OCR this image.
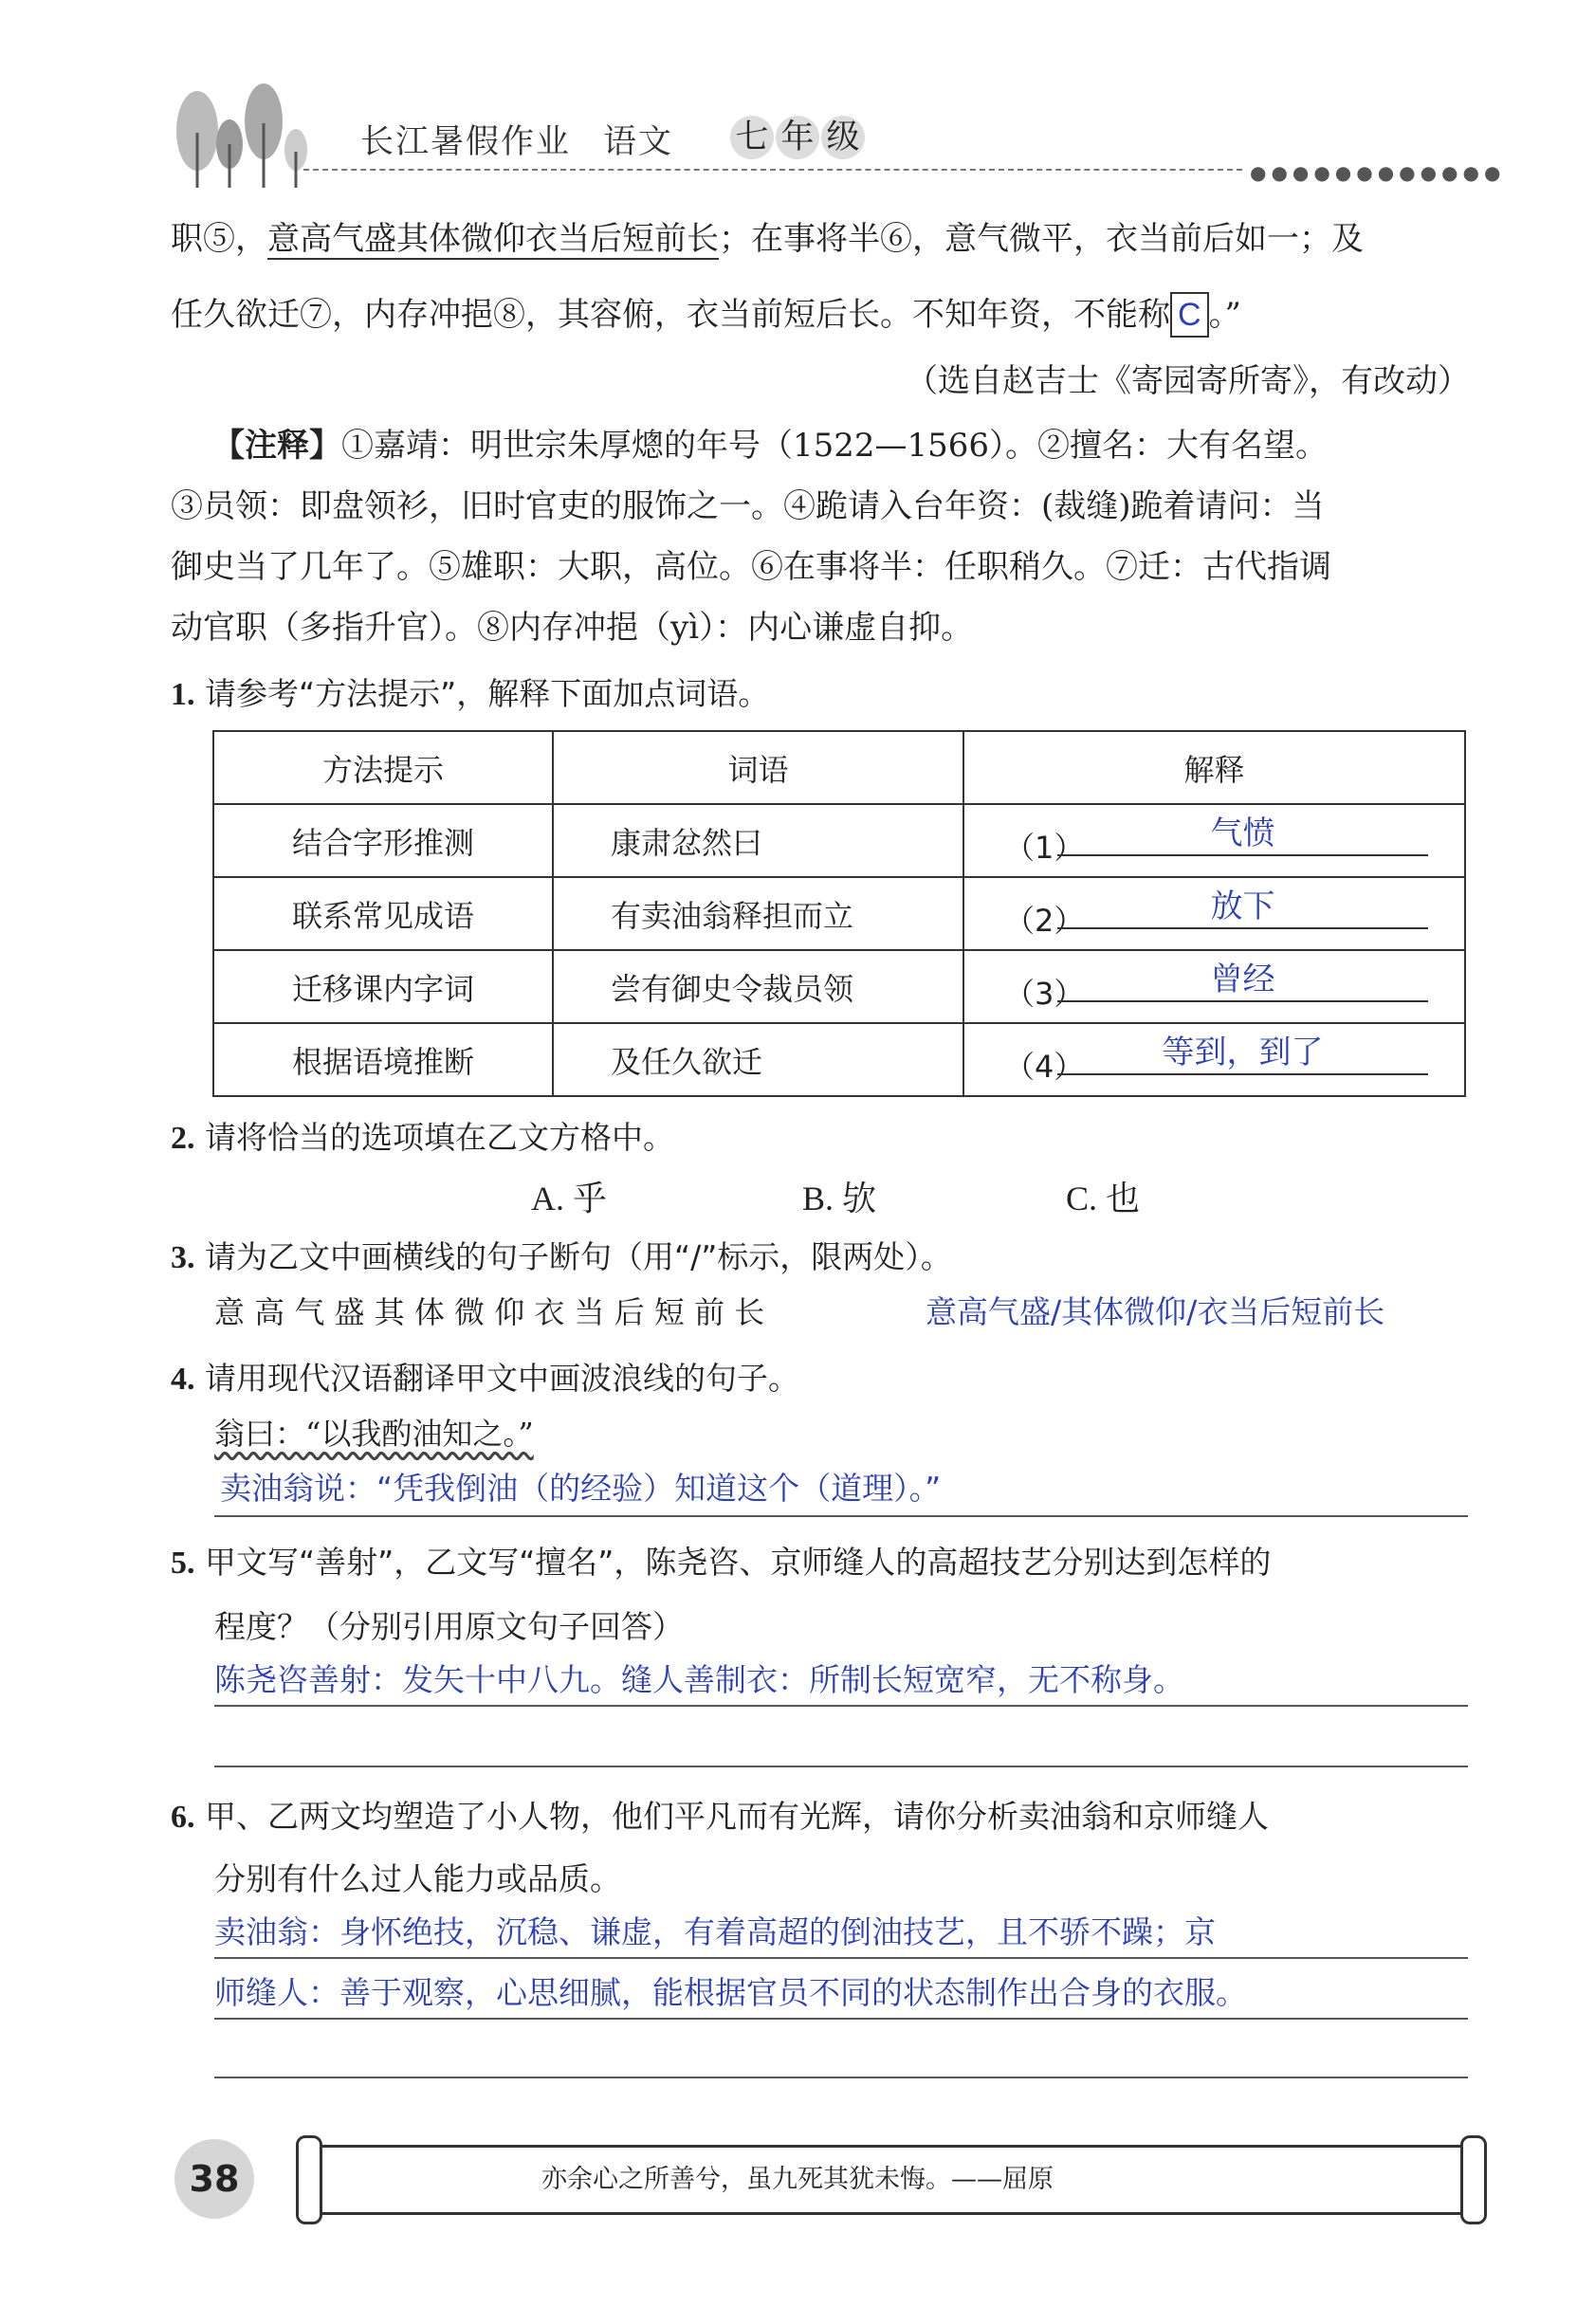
长江暑假作业 语文	七 年 级
●●●●●●●●●●●●
职⑤，意高气盛其体微仰衣当后短前长；在事将半⑥，意气微平，衣当前后如一；及
任久欲迁⑦，内存冲挹⑧，其容俯，衣当前短后长。不知年资，不能称 C 。”
（选自赵吉士《寄园寄所寄》，有改动）
【注释】①嘉靖：明世宗朱厚熜的年号（1522—1566）。②擅名：大有名望。
③员领：即盘领衫，旧时官吏的服饰之一。④跪请入台年资：(裁缝)跪着请问：当
御史当了几年了。⑤雄职：大职，高位。⑥在事将半：任职稍久。⑦迁：古代指调
动官职（多指升官）。⑧内存冲挹（yì）：内心谦虚自抑。
1. 请参考“方法提示”，解释下面加点词语。
方法提示	词语	解释
结合字形推测	康肃忿然曰	（1） 气愤

联系常见成语	有卖油翁释担而立	（2） 放下

迁移课内字词	尝有御史令裁员领	（3） 曾经

根据语境推断	及任久欲迁	（4） 等到，到了
2. 请将恰当的选项填在乙文方格中。
A. 乎	B. 欤	C. 也
3. 请为乙文中画横线的句子断句（用“/”标示，限两处）。
意 高 气 盛 其 体 微 仰 衣 当 后 短 前 长	意高气盛/其体微仰/衣当后短前长
4. 请用现代汉语翻译甲文中画波浪线的句子。
翁曰：“以我酌油知之。”
卖油翁说：“凭我倒油（的经验）知道这个（道理）。”
5. 甲文写“善射”，乙文写“擅名”，陈尧咨、京师缝人的高超技艺分别达到怎样的
程度？（分别引用原文句子回答）
陈尧咨善射：发矢十中八九。缝人善制衣：所制长短宽窄，无不称身。
6. 甲、乙两文均塑造了小人物，他们平凡而有光辉，请你分析卖油翁和京师缝人
分别有什么过人能力或品质。
卖油翁：身怀绝技，沉稳、谦虚，有着高超的倒油技艺，且不骄不躁；京
师缝人：善于观察，心思细腻，能根据官员不同的状态制作出合身的衣服。
38	亦余心之所善兮，虽九死其犹未悔。——屈原
